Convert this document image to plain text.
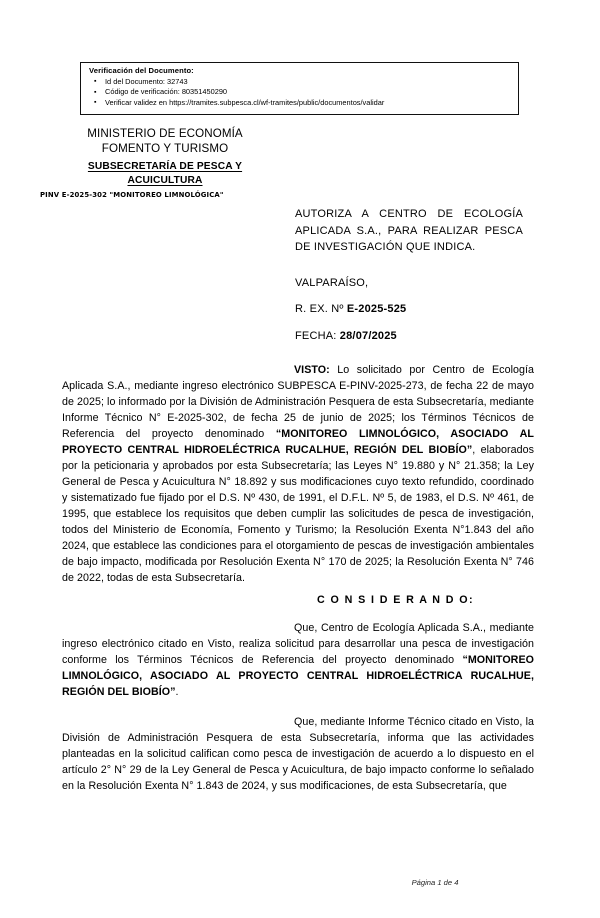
Verificación del Documento:
▪ Id del Documento: 32743
▪ Código de verificación: 80351450290
▪ Verificar validez en https://tramites.subpesca.cl/wf-tramites/public/documentos/validar
MINISTERIO DE ECONOMÍA
FOMENTO Y TURISMO
SUBSECRETARÍA DE PESCA Y
ACUICULTURA
PINV E-2025-302 "MONITOREO LIMNOLÓGICA"
AUTORIZA A CENTRO DE ECOLOGÍA APLICADA S.A., PARA REALIZAR PESCA DE INVESTIGACIÓN QUE INDICA.
VALPARAÍSO,
R. EX. Nº E-2025-525
FECHA: 28/07/2025

VISTO: Lo solicitado por Centro de Ecología Aplicada S.A., mediante ingreso electrónico SUBPESCA E-PINV-2025-273, de fecha 22 de mayo de 2025; lo informado por la División de Administración Pesquera de esta Subsecretaría, mediante Informe Técnico N° E-2025-302, de fecha 25 de junio de 2025; los Términos Técnicos de Referencia del proyecto denominado “MONITOREO LIMNOLÓGICO, ASOCIADO AL PROYECTO CENTRAL HIDROELÉCTRICA RUCALHUE, REGIÓN DEL BIOBÍO”, elaborados por la peticionaria y aprobados por esta Subsecretaría; las Leyes N° 19.880 y N° 21.358; la Ley General de Pesca y Acuicultura N° 18.892 y sus modificaciones cuyo texto refundido, coordinado y sistematizado fue fijado por el D.S. Nº 430, de 1991, el D.F.L. Nº 5, de 1983, el D.S. Nº 461, de 1995, que establece los requisitos que deben cumplir las solicitudes de pesca de investigación, todos del Ministerio de Economía, Fomento y Turismo; la Resolución Exenta N°1.843 del año 2024, que establece las condiciones para el otorgamiento de pescas de investigación ambientales de bajo impacto, modificada por Resolución Exenta N° 170 de 2025; la Resolución Exenta N° 746 de 2022, todas de esta Subsecretaría.

C O N S I D E R A N D O:

Que, Centro de Ecología Aplicada S.A., mediante ingreso electrónico citado en Visto, realiza solicitud para desarrollar una pesca de investigación conforme los Términos Técnicos de Referencia del proyecto denominado “MONITOREO LIMNOLÓGICO, ASOCIADO AL PROYECTO CENTRAL HIDROELÉCTRICA RUCALHUE, REGIÓN DEL BIOBÍO”.

Que, mediante Informe Técnico citado en Visto, la División de Administración Pesquera de esta Subsecretaría, informa que las actividades planteadas en la solicitud califican como pesca de investigación de acuerdo a lo dispuesto en el artículo 2° N° 29 de la Ley General de Pesca y Acuicultura, de bajo impacto conforme lo señalado en la Resolución Exenta N° 1.843 de 2024, y sus modificaciones, de esta Subsecretaría, que

Página 1 de 4
